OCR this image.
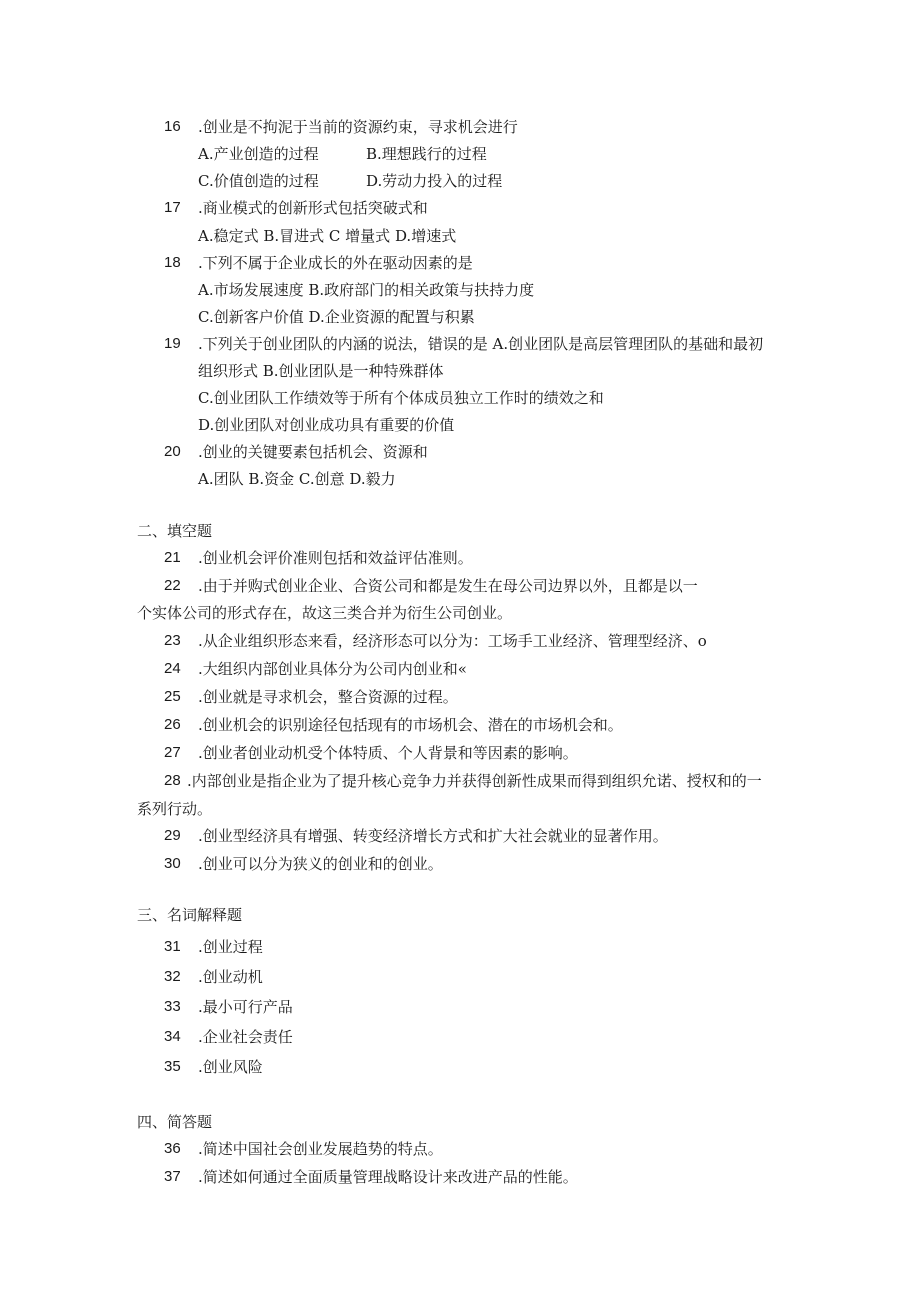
16	.创业是不拘泥于当前的资源约束，寻求机会进行
A.产业创造的过程	B.理想践行的过程
C.价值创造的过程	D.劳动力投入的过程
17	.商业模式的创新形式包括突破式和
A.稳定式 B.冒进式 C 增量式 D.增速式
18	.下列不属于企业成长的外在驱动因素的是
A.市场发展速度 B.政府部门的相关政策与扶持力度
C.创新客户价值 D.企业资源的配置与积累
19	.下列关于创业团队的内涵的说法，错误的是 A.创业团队是高层管理团队的基础和最初
组织形式 B.创业团队是一种特殊群体
C.创业团队工作绩效等于所有个体成员独立工作时的绩效之和
D.创业团队对创业成功具有重要的价值
20	.创业的关键要素包括机会、资源和
A.团队 B.资金 C.创意 D.毅力
二、填空题
21	.创业机会评价准则包括和效益评估准则。
22	.由于并购式创业企业、合资公司和都是发生在母公司边界以外，且都是以一
个实体公司的形式存在，故这三类合并为衍生公司创业。
23	.从企业组织形态来看，经济形态可以分为：工场手工业经济、管理型经济、o
24	.大组织内部创业具体分为公司内创业和«
25	.创业就是寻求机会，整合资源的过程。
26	.创业机会的识别途径包括现有的市场机会、潜在的市场机会和。
27	.创业者创业动机受个体特质、个人背景和等因素的影响。
28 .内部创业是指企业为了提升核心竞争力并获得创新性成果而得到组织允诺、授权和的一
系列行动。
29	.创业型经济具有增强、转变经济增长方式和扩大社会就业的显著作用。
30	.创业可以分为狭义的创业和的创业。
三、名词解释题
31	.创业过程
32	.创业动机
33	.最小可行产品
34	.企业社会责任
35	.创业风险
四、简答题
36	.简述中国社会创业发展趋势的特点。
37	.简述如何通过全面质量管理战略设计来改进产品的性能。
